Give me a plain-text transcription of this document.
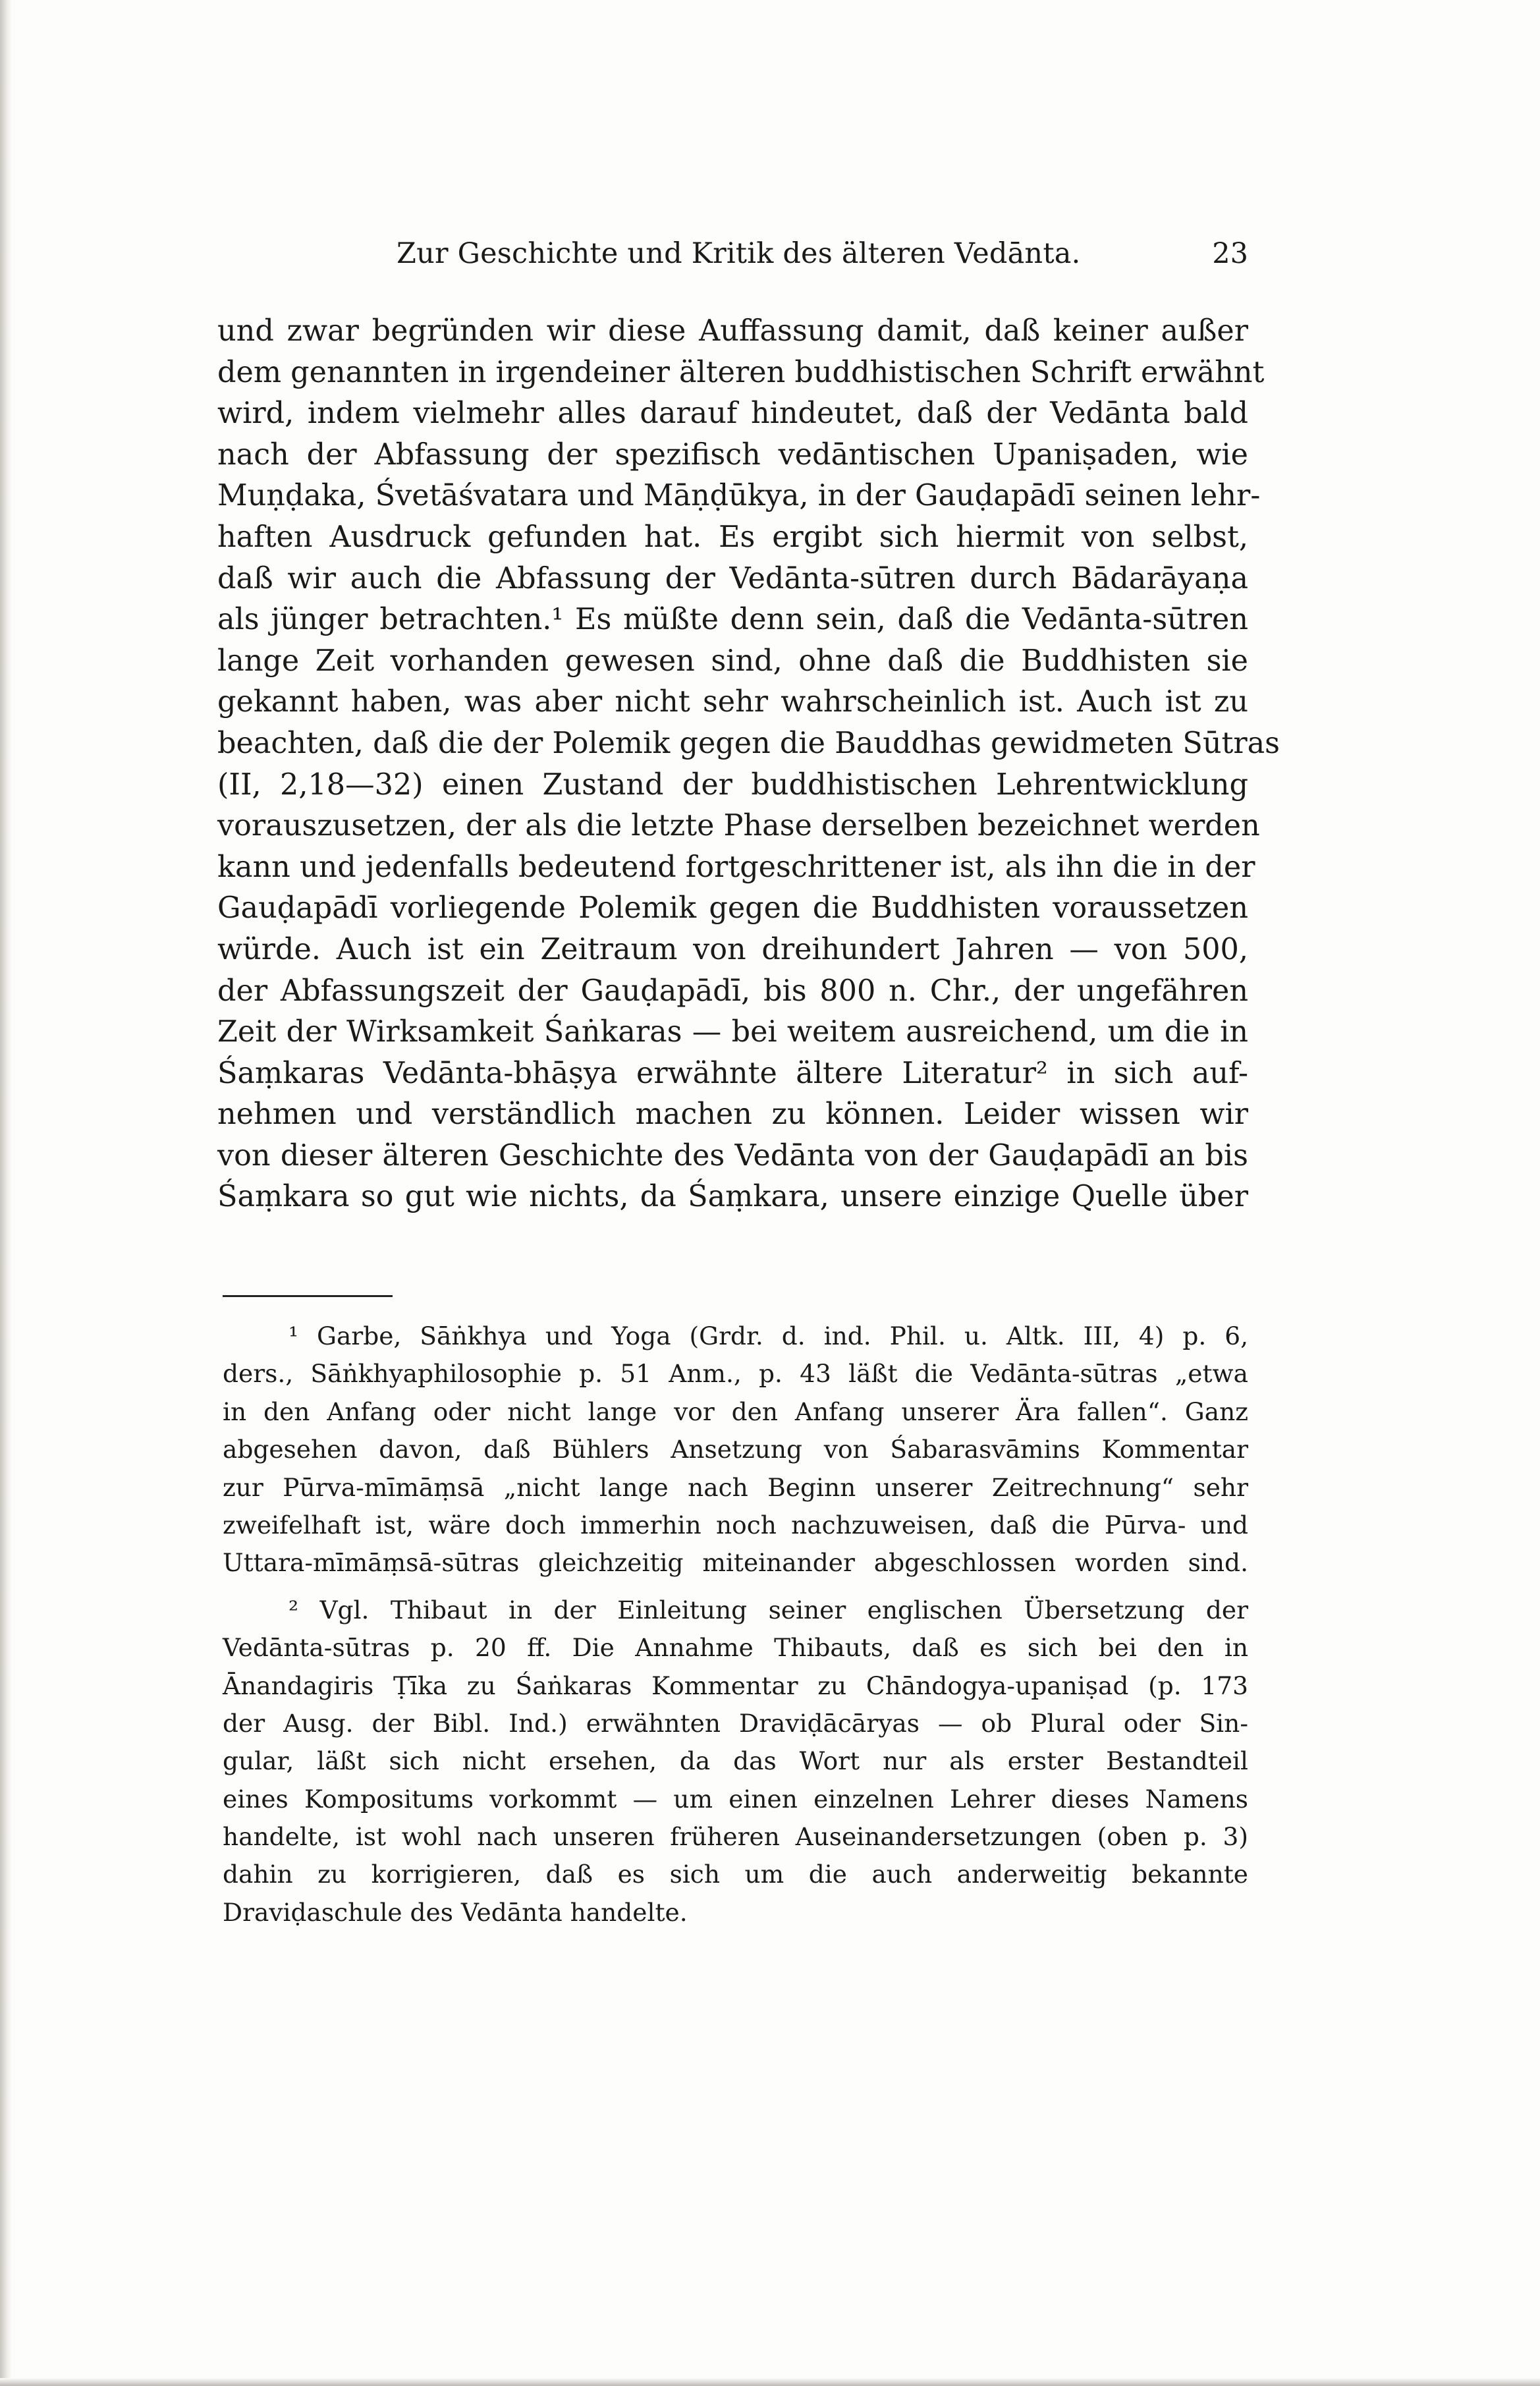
Zur Geschichte und Kritik des älteren Vedānta.	23
und zwar begründen wir diese Auffassung damit, daß keiner außer
dem genannten in irgendeiner älteren buddhistischen Schrift erwähnt
wird, indem vielmehr alles darauf hindeutet, daß der Vedānta bald
nach der Abfassung der spezifisch vedāntischen Upaniṣaden, wie
Muṇḍaka, Śvetāśvatara und Māṇḍūkya, in der Gauḍapādī seinen lehr-
haften Ausdruck gefunden hat. Es ergibt sich hiermit von selbst,
daß wir auch die Abfassung der Vedānta-sūtren durch Bādarāyaṇa
als jünger betrachten.¹ Es müßte denn sein, daß die Vedānta-sūtren
lange Zeit vorhanden gewesen sind, ohne daß die Buddhisten sie
gekannt haben, was aber nicht sehr wahrscheinlich ist. Auch ist zu
beachten, daß die der Polemik gegen die Bauddhas gewidmeten Sūtras
(II, 2,18—32) einen Zustand der buddhistischen Lehrentwicklung
vorauszusetzen, der als die letzte Phase derselben bezeichnet werden
kann und jedenfalls bedeutend fortgeschrittener ist, als ihn die in der
Gauḍapādī vorliegende Polemik gegen die Buddhisten voraussetzen
würde. Auch ist ein Zeitraum von dreihundert Jahren — von 500,
der Abfassungszeit der Gauḍapādī, bis 800 n. Chr., der ungefähren
Zeit der Wirksamkeit Śaṅkaras — bei weitem ausreichend, um die in
Śaṃkaras Vedānta-bhāṣya erwähnte ältere Literatur² in sich auf-
nehmen und verständlich machen zu können. Leider wissen wir
von dieser älteren Geschichte des Vedānta von der Gauḍapādī an bis
Śaṃkara so gut wie nichts, da Śaṃkara, unsere einzige Quelle über
¹ Garbe, Sāṅkhya und Yoga (Grdr. d. ind. Phil. u. Altk. III, 4) p. 6,
ders., Sāṅkhyaphilosophie p. 51 Anm., p. 43 läßt die Vedānta-sūtras „etwa
in den Anfang oder nicht lange vor den Anfang unserer Ära fallen“. Ganz
abgesehen davon, daß Bühlers Ansetzung von Śabarasvāmins Kommentar
zur Pūrva-mīmāṃsā „nicht lange nach Beginn unserer Zeitrechnung“ sehr
zweifelhaft ist, wäre doch immerhin noch nachzuweisen, daß die Pūrva- und
Uttara-mīmāṃsā-sūtras gleichzeitig miteinander abgeschlossen worden sind.
² Vgl. Thibaut in der Einleitung seiner englischen Übersetzung der
Vedānta-sūtras p. 20 ff. Die Annahme Thibauts, daß es sich bei den in
Ānandagiris Ṭīka zu Śaṅkaras Kommentar zu Chāndogya-upaniṣad (p. 173
der Ausg. der Bibl. Ind.) erwähnten Draviḍācāryas — ob Plural oder Sin-
gular, läßt sich nicht ersehen, da das Wort nur als erster Bestandteil
eines Kompositums vorkommt — um einen einzelnen Lehrer dieses Namens
handelte, ist wohl nach unseren früheren Auseinandersetzungen (oben p. 3)
dahin zu korrigieren, daß es sich um die auch anderweitig bekannte
Draviḍaschule des Vedānta handelte.
